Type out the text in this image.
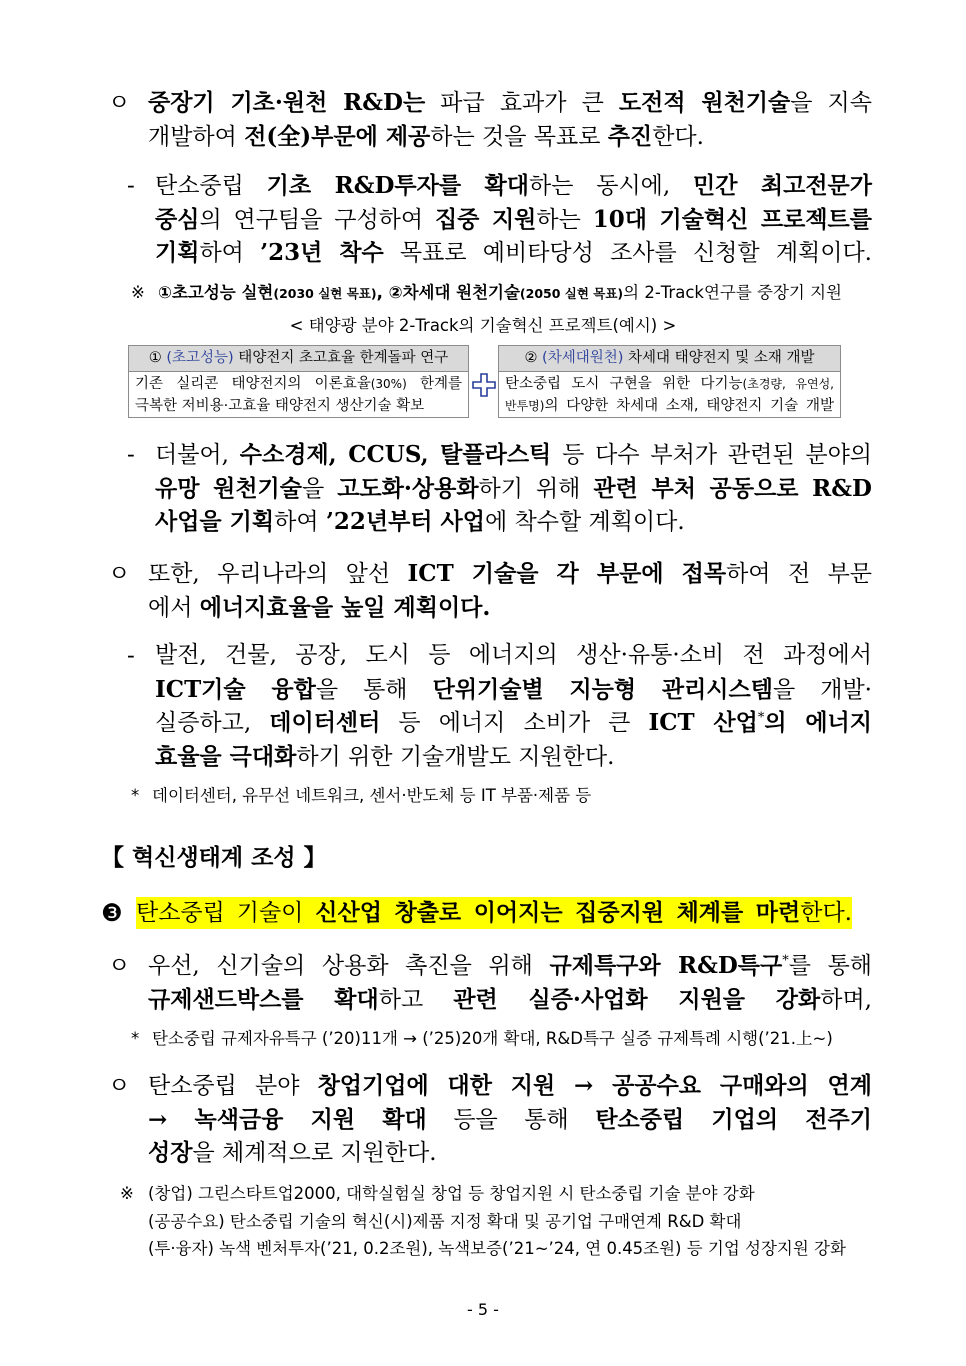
ㅇ 중장기 기초·원천 R&D는 파급 효과가 큰 도전적 원천기술을 지속
개발하여 전(全)부문에 제공하는 것을 목표로 추진한다.
- 탄소중립 기초 R&D투자를 확대하는 동시에, 민간 최고전문가
중심의 연구팀을 구성하여 집중 지원하는 10대 기술혁신 프로젝트를
기획하여 ’23년 착수 목표로 예비타당성 조사를 신청할 계획이다.
※ ①초고성능 실현(2030 실현 목표), ②차세대 원천기술(2050 실현 목표)의 2-Track연구를 중장기 지원
< 태양광 분야 2-Track의 기술혁신 프로젝트(예시) >
① (초고성능) 태양전지 초고효율 한계돌파 연구
기존 실리콘 태양전지의 이론효율(30%) 한계를
극복한 저비용·고효율 태양전지 생산기술 확보
② (차세대원천) 차세대 태양전지 및 소재 개발
탄소중립 도시 구현을 위한 다기능(초경량, 유연성,
반투명)의 다양한 차세대 소재, 태양전지 기술 개발
- 더불어, 수소경제, CCUS, 탈플라스틱 등 다수 부처가 관련된 분야의
유망 원천기술을 고도화·상용화하기 위해 관련 부처 공동으로 R&D
사업을 기획하여 ’22년부터 사업에 착수할 계획이다.
ㅇ 또한, 우리나라의 앞선 ICT 기술을 각 부문에 접목하여 전 부문
에서 에너지효율을 높일 계획이다.
- 발전, 건물, 공장, 도시 등 에너지의 생산·유통·소비 전 과정에서
ICT기술 융합을 통해 단위기술별 지능형 관리시스템을 개발·
실증하고, 데이터센터 등 에너지 소비가 큰 ICT 산업*의 에너지
효율을 극대화하기 위한 기술개발도 지원한다.
* 데이터센터, 유무선 네트워크, 센서·반도체 등 IT 부품·제품 등
【 혁신생태계 조성 】
❸ 탄소중립 기술이 신산업 창출로 이어지는 집중지원 체계를 마련한다.
ㅇ 우선, 신기술의 상용화 촉진을 위해 규제특구와 R&D특구*를 통해
규제샌드박스를 확대하고 관련 실증·사업화 지원을 강화하며,
* 탄소중립 규제자유특구 (’20)11개 → (’25)20개 확대, R&D특구 실증 규제특례 시행(’21.上~)
ㅇ 탄소중립 분야 창업기업에 대한 지원 → 공공수요 구매와의 연계
→ 녹색금융 지원 확대 등을 통해 탄소중립 기업의 전주기
성장을 체계적으로 지원한다.
※ (창업) 그린스타트업2000, 대학실험실 창업 등 창업지원 시 탄소중립 기술 분야 강화
(공공수요) 탄소중립 기술의 혁신(시)제품 지정 확대 및 공기업 구매연계 R&D 확대
(투·융자) 녹색 벤처투자(’21, 0.2조원), 녹색보증(’21~’24, 연 0.45조원) 등 기업 성장지원 강화
- 5 -
